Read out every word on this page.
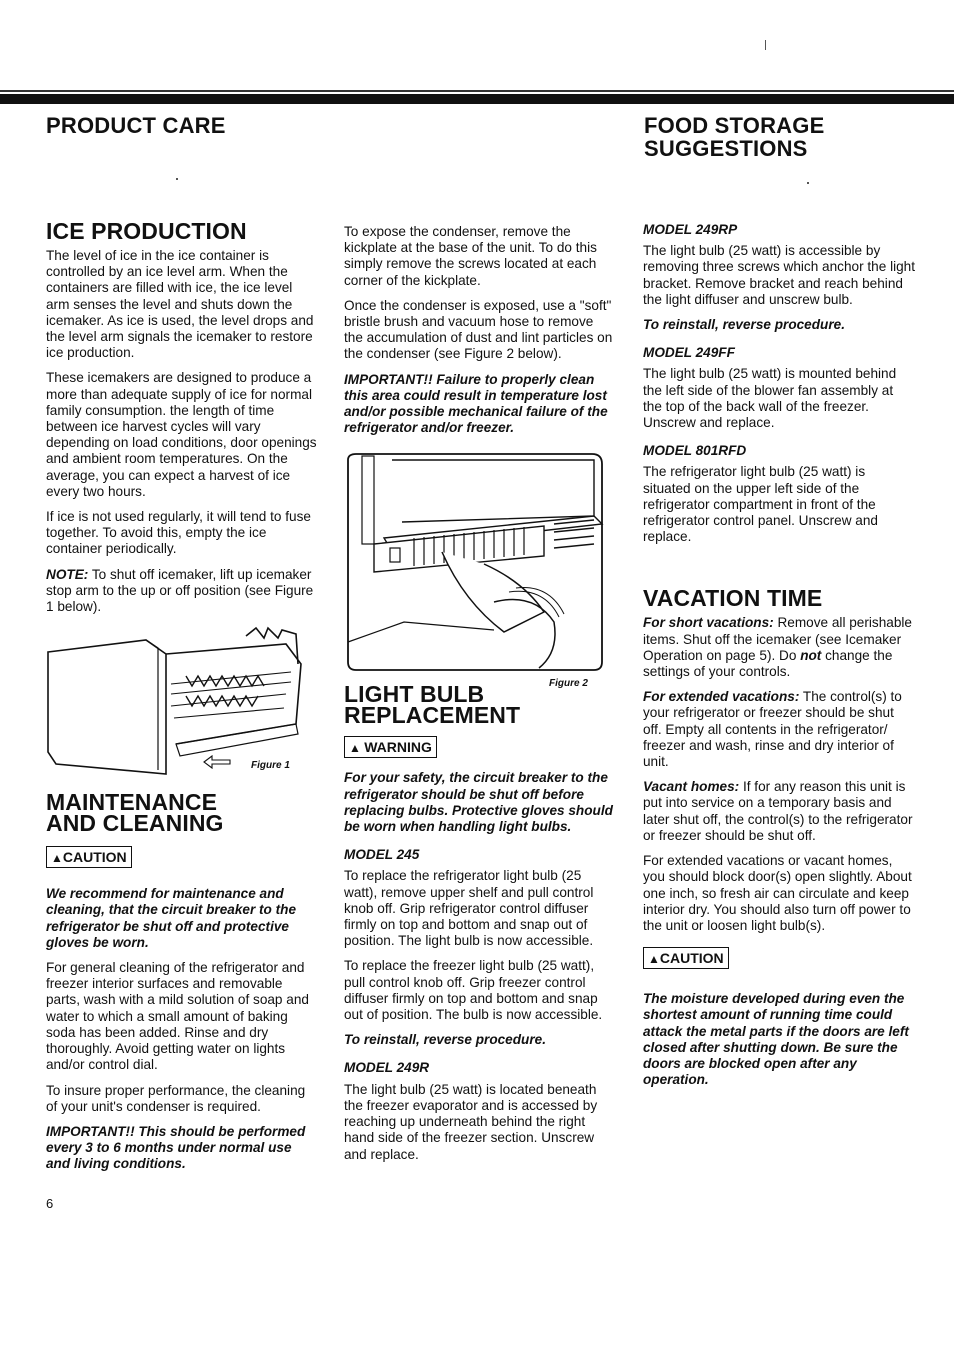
PRODUCT CARE	FOOD STORAGE SUGGESTIONS
ICE PRODUCTION

The level of ice in the ice container is controlled by an ice level arm. When the containers are filled with ice, the ice level arm senses the level and shuts down the icemaker. As ice is used, the level drops and the level arm signals the icemaker to restore ice production.

These icemakers are designed to produce a more than adequate supply of ice for normal family consumption. the length of time between ice harvest cycles will vary depending on load conditions, door openings and ambient room temperatures. On the average, you can expect a harvest of ice every two hours.

If ice is not used regularly, it will tend to fuse together. To avoid this, empty the ice container periodically.

NOTE: To shut off icemaker, lift up icemaker stop arm to the up or off position (see Figure 1 below).

Figure 1
MAINTENANCE
AND CLEANING
▲CAUTION

We recommend for maintenance and cleaning, that the circuit breaker to the refrigerator be shut off and protective gloves be worn.

For general cleaning of the refrigerator and freezer interior surfaces and removable parts, wash with a mild solution of soap and water to which a small amount of baking soda has been added. Rinse and dry thoroughly. Avoid getting water on lights and/or control dial.

To insure proper performance, the cleaning of your unit's condenser is required.

IMPORTANT!! This should be performed every 3 to 6 months under normal use and living conditions.

To expose the condenser, remove the kickplate at the base of the unit. To do this simply remove the screws located at each corner of the kickplate.

Once the condenser is exposed, use a "soft" bristle brush and vacuum hose to remove the accumulation of dust and lint particles on the condenser (see Figure 2 below).

IMPORTANT!! Failure to properly clean this area could result in temperature lost and/or possible mechanical failure of the refrigerator and/or freezer.

Figure 2
LIGHT BULB
REPLACEMENT
▲ WARNING

For your safety, the circuit breaker to the refrigerator should be shut off before replacing bulbs. Protective gloves should be worn when handling light bulbs.

MODEL 245

To replace the refrigerator light bulb (25 watt), remove upper shelf and pull control knob off. Grip refrigerator control diffuser firmly on top and bottom and snap out of position. The light bulb is now accessible.

To replace the freezer light bulb (25 watt), pull control knob off. Grip freezer control diffuser firmly on top and bottom and snap out of position. The bulb is now accessible.

To reinstall, reverse procedure.

MODEL 249R

The light bulb (25 watt) is located beneath the freezer evaporator and is accessed by reaching up underneath behind the right hand side of the freezer section. Unscrew and replace.

MODEL 249RP

The light bulb (25 watt) is accessible by removing three screws which anchor the light bracket. Remove bracket and reach behind the light diffuser and unscrew bulb.

To reinstall, reverse procedure.

MODEL 249FF

The light bulb (25 watt) is mounted behind the left side of the blower fan assembly at the top of the back wall of the freezer. Unscrew and replace.

MODEL 801RFD

The refrigerator light bulb (25 watt) is situated on the upper left side of the refrigerator compartment in front of the refrigerator control panel. Unscrew and replace.

VACATION TIME

For short vacations: Remove all perishable items. Shut off the icemaker (see Icemaker Operation on page 5). Do not change the settings of your controls.

For extended vacations: The control(s) to your refrigerator or freezer should be shut off. Empty all contents in the refrigerator/ freezer and wash, rinse and dry interior of unit.

Vacant homes: If for any reason this unit is put into service on a temporary basis and later shut off, the control(s) to the refrigerator or freezer should be shut off.

For extended vacations or vacant homes, you should block door(s) open slightly. About one inch, so fresh air can circulate and keep interior dry. You should also turn off power to the unit or loosen light bulb(s).

▲CAUTION

The moisture developed during even the shortest amount of running time could attack the metal parts if the doors are left closed after shutting down. Be sure the doors are blocked open after any operation.

6
